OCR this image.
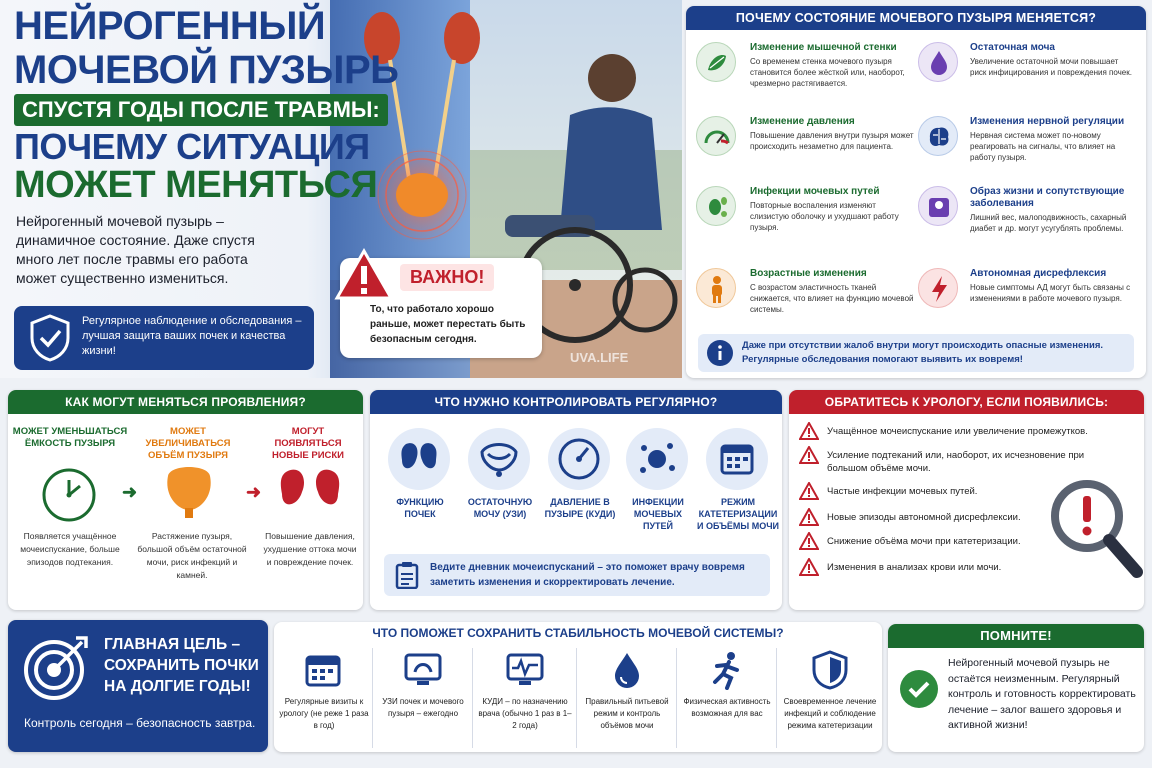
НЕЙРОГЕННЫЙ
МОЧЕВОЙ ПУЗЫРЬ
СПУСТЯ ГОДЫ ПОСЛЕ ТРАВМЫ:
ПОЧЕМУ СИТУАЦИЯ
МОЖЕТ МЕНЯТЬСЯ
Нейрогенный мочевой пузырь – динамичное состояние. Даже спустя много лет после травмы его работа может существенно измениться.
Регулярное наблюдение и обследования – лучшая защита ваших почек и качества жизни!
ВАЖНО!
То, что работало хорошо раньше, может перестать быть безопасным сегодня.
UVA.LIFE
ПОЧЕМУ СОСТОЯНИЕ МОЧЕВОГО ПУЗЫРЯ МЕНЯЕТСЯ?
Изменение мышечной стенки
Со временем стенка мочевого пузыря становится более жёсткой или, наоборот, чрезмерно растягивается.
Изменение давления
Повышение давления внутри пузыря может происходить незаметно для пациента.
Инфекции мочевых путей
Повторные воспаления изменяют слизистую оболочку и ухудшают работу пузыря.
Возрастные изменения
С возрастом эластичность тканей снижается, что влияет на функцию мочевой системы.
Остаточная моча
Увеличение остаточной мочи повышает риск инфицирования и повреждения почек.
Изменения нервной регуляции
Нервная система может по-новому реагировать на сигналы, что влияет на работу пузыря.
Образ жизни и сопутствующие заболевания
Лишний вес, малоподвижность, сахарный диабет и др. могут усугублять проблемы.
Автономная дисрефлексия
Новые симптомы АД могут быть связаны с изменениями в работе мочевого пузыря.
Даже при отсутствии жалоб внутри могут происходить опасные изменения. Регулярные обследования помогают выявить их вовремя!
КАК МОГУТ МЕНЯТЬСЯ ПРОЯВЛЕНИЯ?
МОЖЕТ УМЕНЬШАТЬСЯ ЁМКОСТЬ ПУЗЫРЯ
Появляется учащённое мочеиспускание, больше эпизодов подтекания.
➜
МОЖЕТ УВЕЛИЧИВАТЬСЯ ОБЪЁМ ПУЗЫРЯ
Растяжение пузыря, большой объём остаточной мочи, риск инфекций и камней.
➜
МОГУТ ПОЯВЛЯТЬСЯ НОВЫЕ РИСКИ
Повышение давления, ухудшение оттока мочи и повреждение почек.
ЧТО НУЖНО КОНТРОЛИРОВАТЬ РЕГУЛЯРНО?
ФУНКЦИЮ ПОЧЕК
ОСТАТОЧНУЮ МОЧУ (УЗИ)
ДАВЛЕНИЕ В ПУЗЫРЕ (КУДИ)
ИНФЕКЦИИ МОЧЕВЫХ ПУТЕЙ
РЕЖИМ КАТЕТЕРИЗАЦИИ И ОБЪЁМЫ МОЧИ
Ведите дневник мочеиспусканий – это поможет врачу вовремя заметить изменения и скорректировать лечение.
ОБРАТИТЕСЬ К УРОЛОГУ, ЕСЛИ ПОЯВИЛИСЬ:
Учащённое мочеиспускание или увеличение промежутков.
Усиление подтеканий или, наоборот, их исчезновение при большом объёме мочи.
Частые инфекции мочевых путей.
Новые эпизоды автономной дисрефлексии.
Снижение объёма мочи при катетеризации.
Изменения в анализах крови или мочи.
ГЛАВНАЯ ЦЕЛЬ – СОХРАНИТЬ ПОЧКИ НА ДОЛГИЕ ГОДЫ!
Контроль сегодня – безопасность завтра.
ЧТО ПОМОЖЕТ СОХРАНИТЬ СТАБИЛЬНОСТЬ МОЧЕВОЙ СИСТЕМЫ?
Регулярные визиты к урологу (не реже 1 раза в год)
УЗИ почек и мочевого пузыря – ежегодно
КУДИ – по назначению врача (обычно 1 раз в 1–2 года)
Правильный питьевой режим и контроль объёмов мочи
Физическая активность возможная для вас
Своевременное лечение инфекций и соблюдение режима катетеризации
ПОМНИТЕ!
Нейрогенный мочевой пузырь не остаётся неизменным. Регулярный контроль и готовность корректировать лечение – залог вашего здоровья и активной жизни!
